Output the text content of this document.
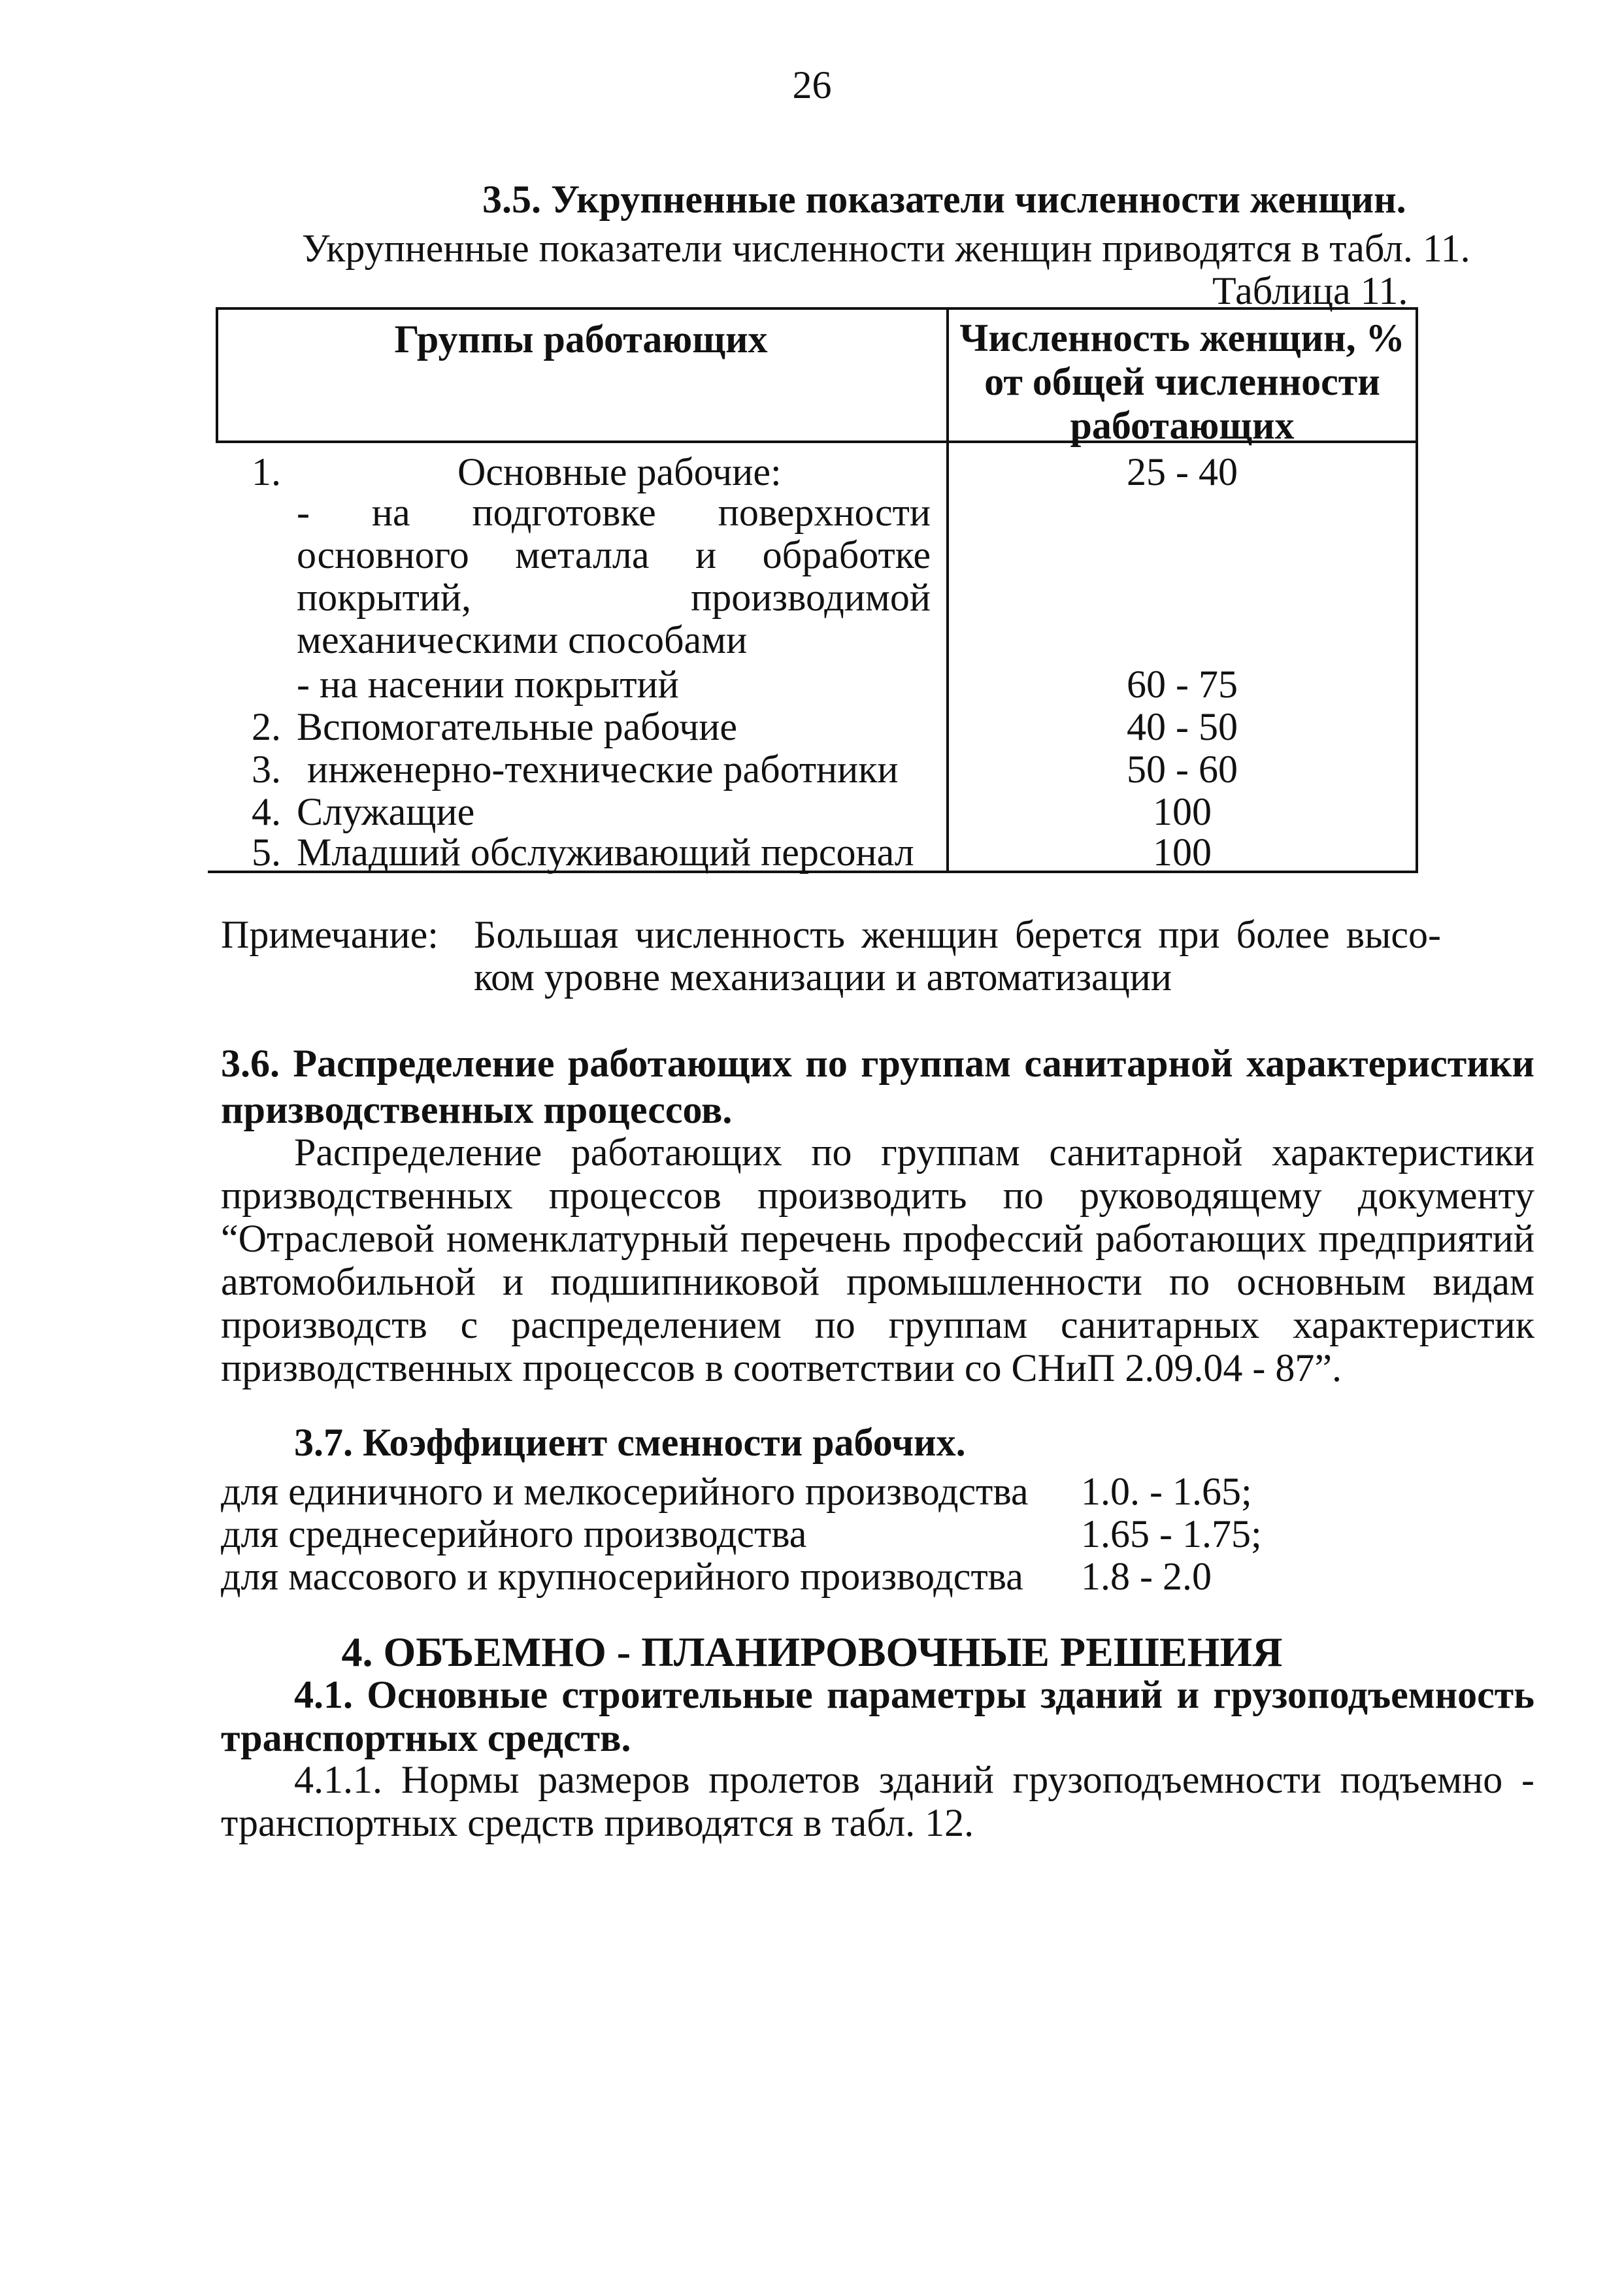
26
3.5. Укрупненные показатели численности женщин.
Укрупненные показатели численности женщин приводятся в табл. 11.
Таблица 11.
Группы работающих	Численность женщин, % от общей численности работающих
1.	Основные рабочие:	25 - 40
- на подготовке поверхности основного металла и обработке покрытий, производимой механическими способами
- на насении покрытий	60 - 75
2. Вспомогательные рабочие	40 - 50
3. инженерно-технические работники	50 - 60
4. Служащие	100
5. Младший обслуживающий персонал	100
Примечание: Большая численность женщин берется при более высо-
ком уровне механизации и автоматизации
3.6. Распределение работающих по группам санитарной характеристики призводственных процессов.
Распределение работающих по группам санитарной характеристики призводственных процессов производить по руководящему документу “Отраслевой номенклатурный перечень профессий работающих предприятий автомобильной и подшипниковой промышленности по основным видам производств с распределением по группам санитарных характеристик призводственных процессов в соответствии со СНиП 2.09.04 - 87”.
3.7. Коэффициент сменности рабочих.
для единичного и мелкосерийного производства 1.0. - 1.65;
для среднесерийного производства	1.65 - 1.75;
для массового и крупносерийного производства 1.8 - 2.0
4. ОБЪЕМНО - ПЛАНИРОВОЧНЫЕ РЕШЕНИЯ
4.1. Основные строительные параметры зданий и грузоподъемность транспортных средств.
4.1.1. Нормы размеров пролетов зданий грузоподъемности подъемно - транспортных средств приводятся в табл. 12.
